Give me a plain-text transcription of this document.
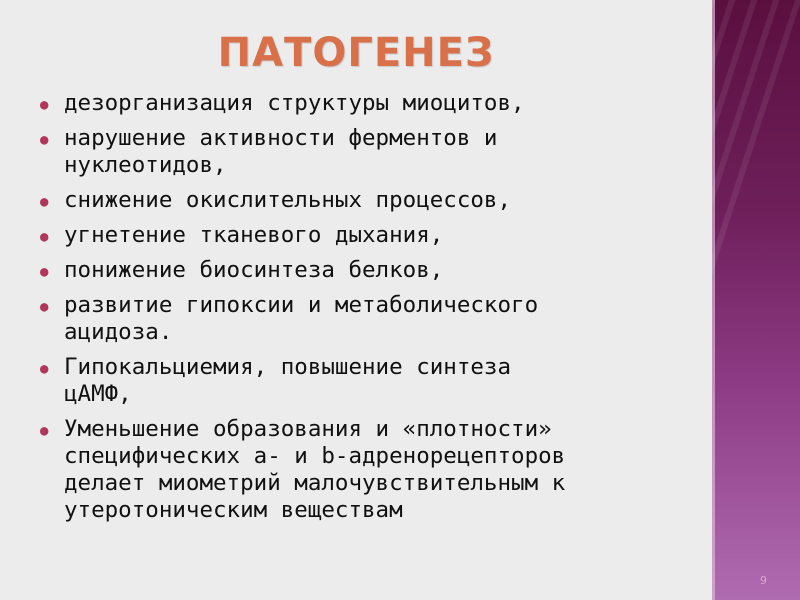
ПАТОГЕНЕЗ
● дезорганизация структуры миоцитов,
● нарушение активности ферментов и
нуклеотидов,
● снижение окислительных процессов,
● угнетение тканевого дыхания,
● понижение биосинтеза белков,
● развитие гипоксии и метаболического
ацидоза.
● Гипокальциемия, повышение синтеза
цАМФ,
● Уменьшение образования и «плотности»
специфических а- и b-адренорецепторов
делает миометрий малочувствительным к
утеротоническим веществам
9
